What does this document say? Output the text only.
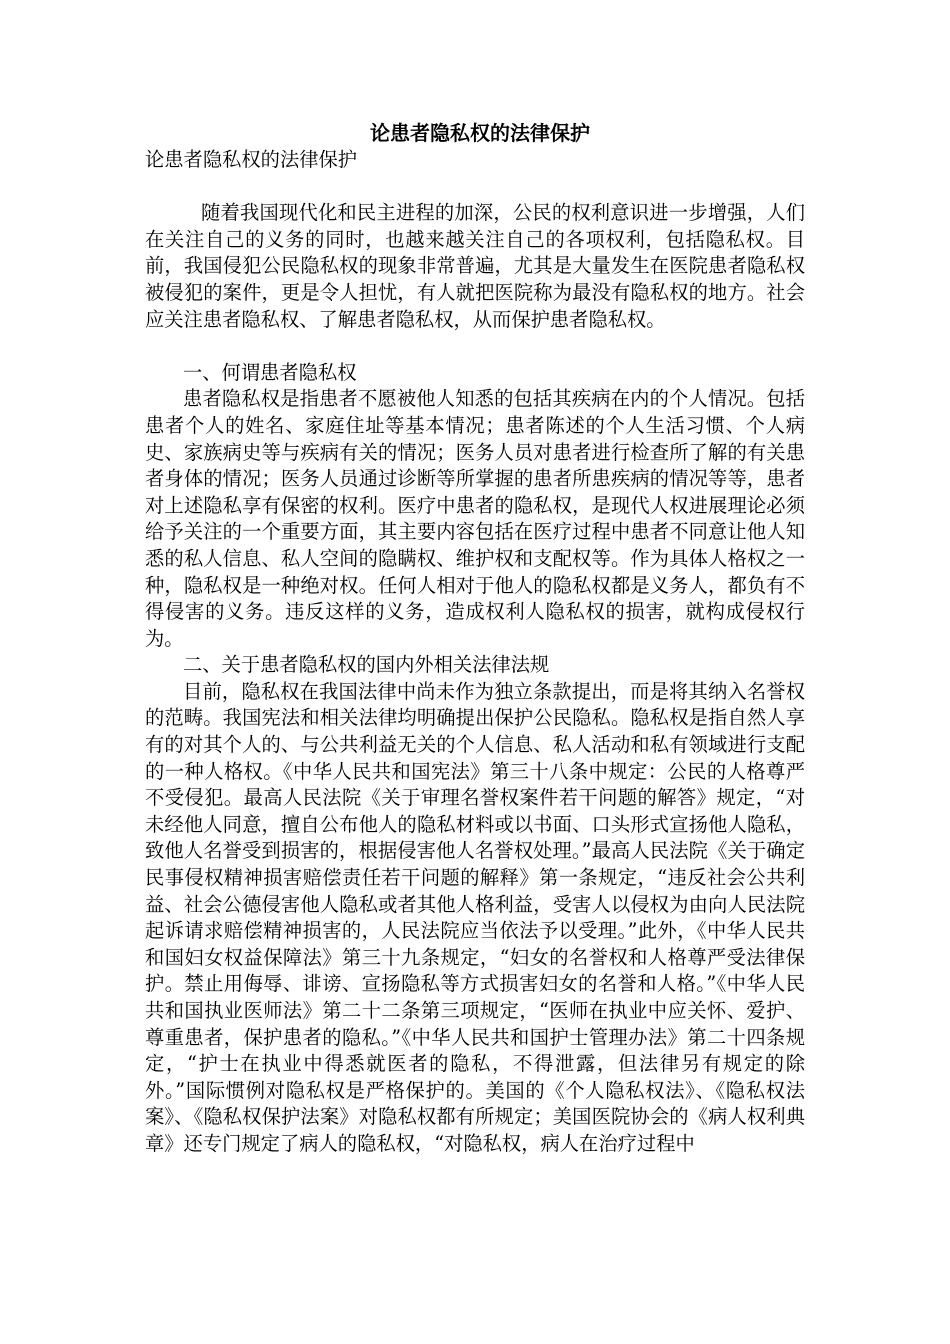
论患者隐私权的法律保护

论患者隐私权的法律保护

随着我国现代化和民主进程的加深，公民的权利意识进一步增强，人们在关注自己的义务的同时，也越来越关注自己的各项权利，包括隐私权。目前，我国侵犯公民隐私权的现象非常普遍，尤其是大量发生在医院患者隐私权被侵犯的案件，更是令人担忧，有人就把医院称为最没有隐私权的地方。社会应关注患者隐私权、了解患者隐私权，从而保护患者隐私权。

一、何谓患者隐私权

患者隐私权是指患者不愿被他人知悉的包括其疾病在内的个人情况。包括患者个人的姓名、家庭住址等基本情况；患者陈述的个人生活习惯、个人病史、家族病史等与疾病有关的情况；医务人员对患者进行检查所了解的有关患者身体的情况；医务人员通过诊断等所掌握的患者所患疾病的情况等等，患者对上述隐私享有保密的权利。医疗中患者的隐私权，是现代人权进展理论必须给予关注的一个重要方面，其主要内容包括在医疗过程中患者不同意让他人知悉的私人信息、私人空间的隐瞒权、维护权和支配权等。作为具体人格权之一种，隐私权是一种绝对权。任何人相对于他人的隐私权都是义务人，都负有不得侵害的义务。违反这样的义务，造成权利人隐私权的损害，就构成侵权行为。

二、关于患者隐私权的国内外相关法律法规

目前，隐私权在我国法律中尚未作为独立条款提出，而是将其纳入名誉权的范畴。我国宪法和相关法律均明确提出保护公民隐私。隐私权是指自然人享有的对其个人的、与公共利益无关的个人信息、私人活动和私有领域进行支配的一种人格权。《中华人民共和国宪法》第三十八条中规定：公民的人格尊严不受侵犯。最高人民法院《关于审理名誉权案件若干问题的解答》规定，“对未经他人同意，擅自公布他人的隐私材料或以书面、口头形式宣扬他人隐私，致他人名誉受到损害的，根据侵害他人名誉权处理。”最高人民法院《关于确定民事侵权精神损害赔偿责任若干问题的解释》第一条规定，“违反社会公共利益、社会公德侵害他人隐私或者其他人格利益，受害人以侵权为由向人民法院起诉请求赔偿精神损害的，人民法院应当依法予以受理。”此外，《中华人民共和国妇女权益保障法》第三十九条规定，“妇女的名誉权和人格尊严受法律保护。禁止用侮辱、诽谤、宣扬隐私等方式损害妇女的名誉和人格。”《中华人民共和国执业医师法》第二十二条第三项规定，“医师在执业中应关怀、爱护、尊重患者，保护患者的隐私。”《中华人民共和国护士管理办法》第二十四条规定，“护士在执业中得悉就医者的隐私，不得泄露，但法律另有规定的除外。”国际惯例对隐私权是严格保护的。美国的《个人隐私权法》、《隐私权法案》、《隐私权保护法案》对隐私权都有所规定；美国医院协会的《病人权利典章》还专门规定了病人的隐私权，“对隐私权，病人在治疗过程中
